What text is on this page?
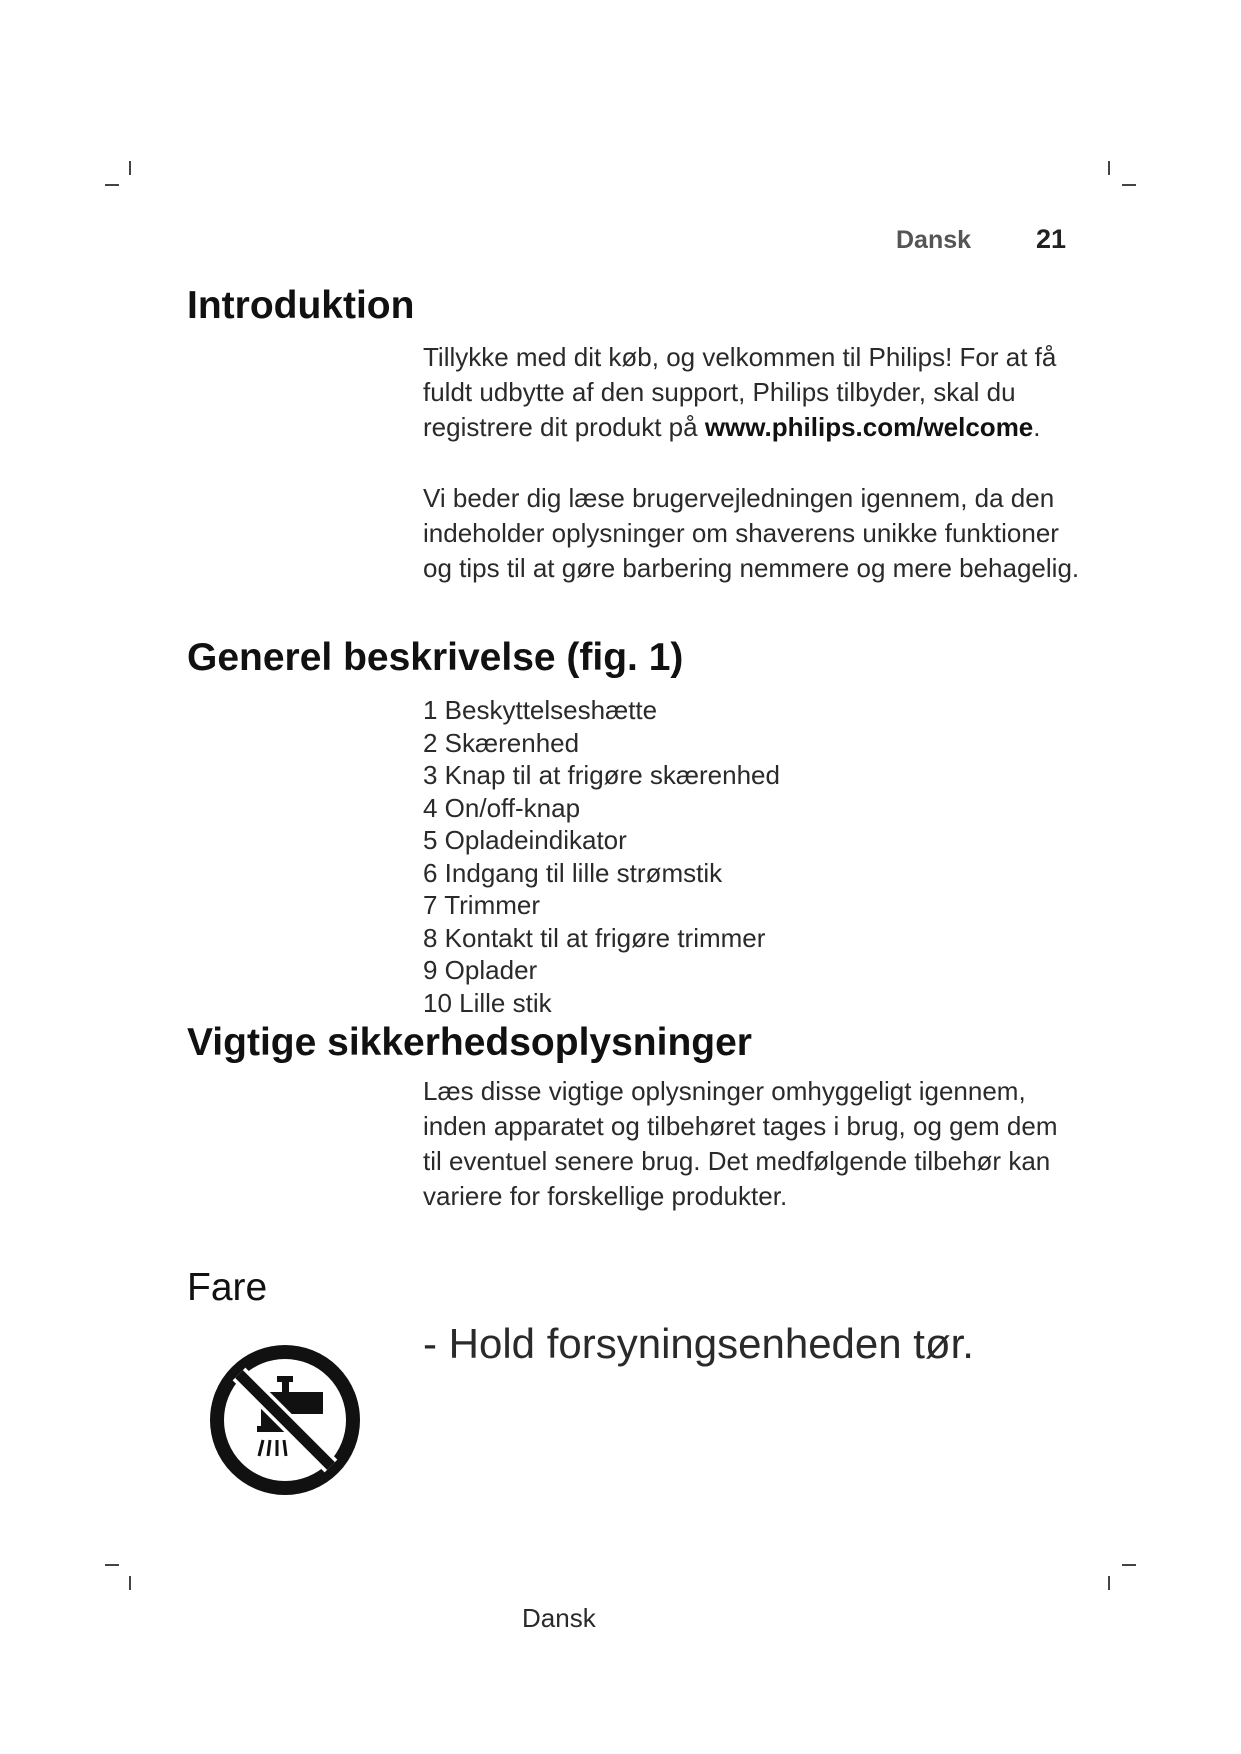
Dansk 21
Introduktion

Tillykke med dit køb, og velkommen til Philips! For at få fuldt udbytte af den support, Philips tilbyder, skal du registrere dit produkt på www.philips.com/welcome.

Vi beder dig læse brugervejledningen igennem, da den indeholder oplysninger om shaverens unikke funktioner og tips til at gøre barbering nemmere og mere behagelig.

Generel beskrivelse (fig. 1)
1 Beskyttelseshætte
2 Skærenhed
3 Knap til at frigøre skærenhed
4 On/off-knap
5 Opladeindikator
6 Indgang til lille strømstik
7 Trimmer
8 Kontakt til at frigøre trimmer
9 Oplader
10 Lille stik
Vigtige sikkerhedsoplysninger

Læs disse vigtige oplysninger omhyggeligt igennem, inden apparatet og tilbehøret tages i brug, og gem dem til eventuel senere brug. Det medfølgende tilbehør kan variere for forskellige produkter.

Fare
- Hold forsyningsenheden tør.
Dansk
